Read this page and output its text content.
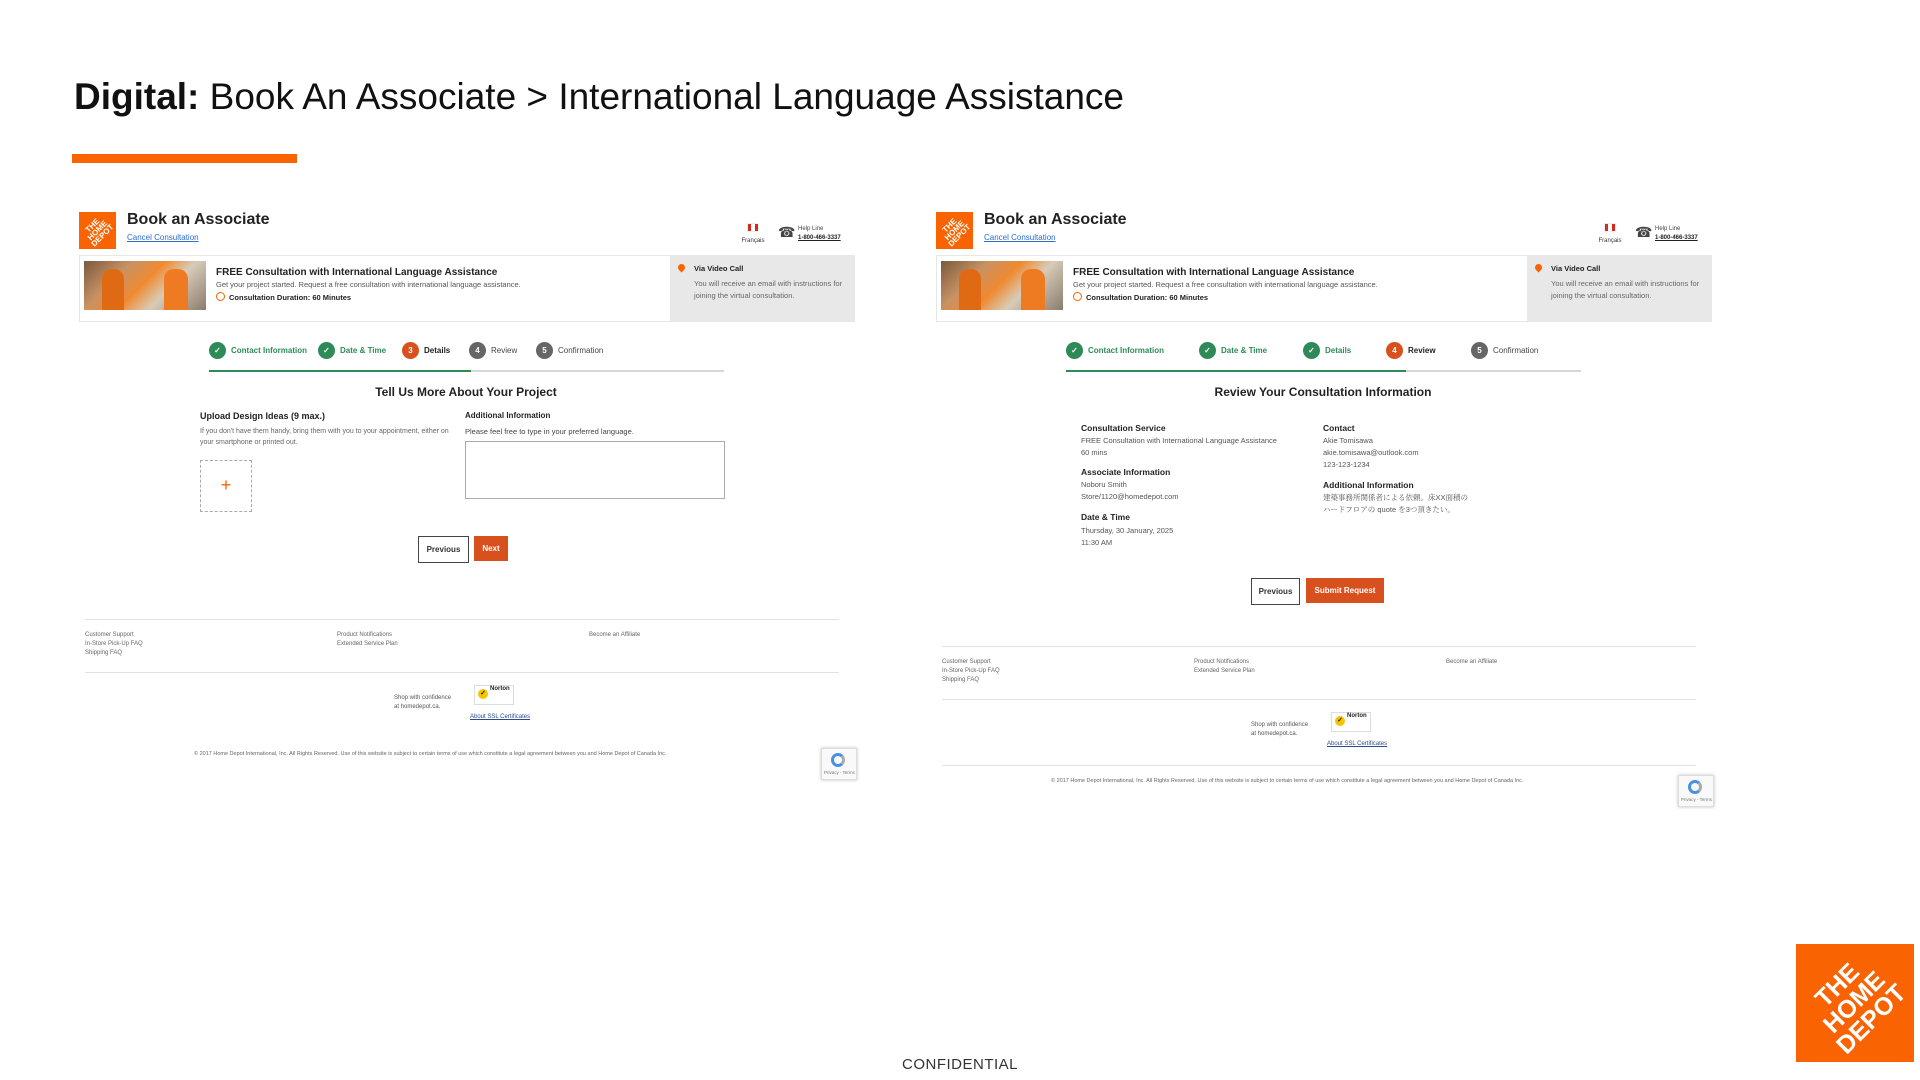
Digital: Book An Associate > International Language Assistance
THE HOME DEPOT
Book an Associate
Cancel Consultation	Français
☎ Help Line
1-800-466-3337
FREE Consultation with International Language Assistance
Get your project started. Request a free consultation with international language assistance.
Consultation Duration: 60 Minutes
Via Video Call
You will receive an email with instructions for joining the virtual consultation.
✓ Contact Information	✓ Date & Time	3 Details	4 Review	5 Confirmation
Tell Us More About Your Project
Upload Design Ideas (9 max.)
If you don't have them handy, bring them with you to your appointment, either on your smartphone or printed out.
+
Additional Information
Please feel free to type in your preferred language.
Previous	Next
Customer Support
In-Store Pick-Up FAQ
Shipping FAQ
Product Notifications
Extended Service Plan
Become an Affiliate
Shop with confidence
at homedepot.ca.
✓Norton
About SSL Certificates
© 2017 Home Depot International, Inc. All Rights Reserved. Use of this website is subject to certain terms of use which constitute a legal agreement between you and Home Depot of Canada Inc.
Privacy - Terms
THE HOME DEPOT
Book an Associate
Cancel Consultation	Français
☎ Help Line
1-800-466-3337
FREE Consultation with International Language Assistance
Get your project started. Request a free consultation with international language assistance.
Consultation Duration: 60 Minutes
Via Video Call
You will receive an email with instructions for joining the virtual consultation.
✓ Contact Information	✓ Date & Time	✓ Details	4 Review	5 Confirmation
Review Your Consultation Information
Consultation Service
FREE Consultation with International Language Assistance
60 mins
Associate Information
Noboru Smith
Store/1120@homedepot.com
Date & Time
Thursday, 30 January, 2025
11:30 AM
Contact
Akie Tomisawa
akie.tomisawa@outlook.com
123-123-1234
Additional Information
建築事務所関係者による依頼。床XX面積の
ハードフロアの quote を3つ頂きたい。
Previous	Submit Request
Customer Support
In-Store Pick-Up FAQ
Shipping FAQ
Product Notifications
Extended Service Plan
Become an Affiliate
Shop with confidence
at homedepot.ca.
✓Norton
About SSL Certificates
© 2017 Home Depot International, Inc. All Rights Reserved. Use of this website is subject to certain terms of use which constitute a legal agreement between you and Home Depot of Canada Inc.
Privacy - Terms
THE HOME DEPOT
CONFIDENTIAL
